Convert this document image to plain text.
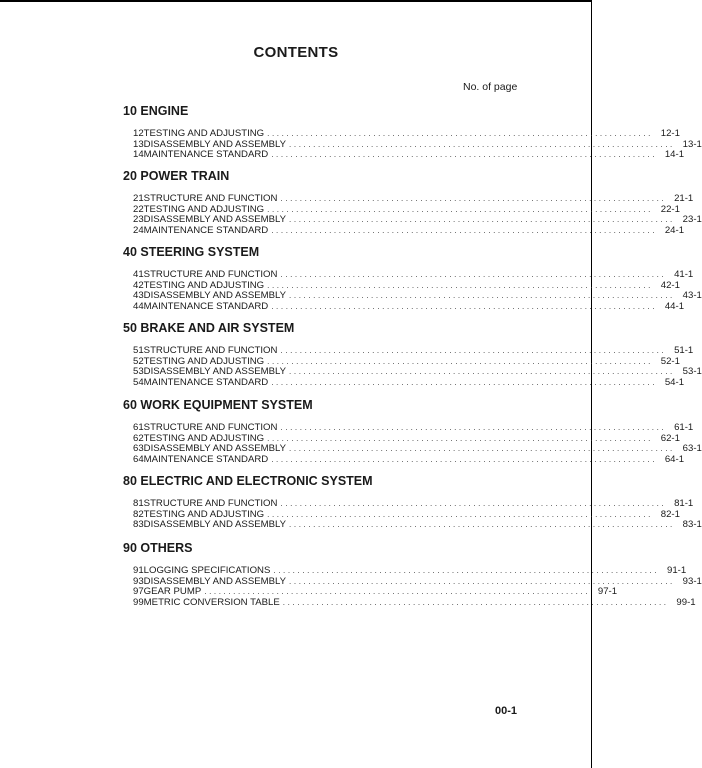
CONTENTS
No. of page
10 ENGINE
12 TESTING AND ADJUSTING ................................................................................ 12-1
13 DISASSEMBLY AND ASSEMBLY ................................................................................ 13-1
14 MAINTENANCE STANDARD ................................................................................ 14-1
20 POWER TRAIN
21 STRUCTURE AND FUNCTION ................................................................................ 21-1
22 TESTING AND ADJUSTING ................................................................................ 22-1
23 DISASSEMBLY AND ASSEMBLY ................................................................................ 23-1
24 MAINTENANCE STANDARD ................................................................................ 24-1
40 STEERING SYSTEM
41 STRUCTURE AND FUNCTION ................................................................................ 41-1
42 TESTING AND ADJUSTING ................................................................................ 42-1
43 DISASSEMBLY AND ASSEMBLY ................................................................................ 43-1
44 MAINTENANCE STANDARD ................................................................................ 44-1
50 BRAKE AND AIR SYSTEM
51 STRUCTURE AND FUNCTION ................................................................................ 51-1
52 TESTING AND ADJUSTING ................................................................................ 52-1
53 DISASSEMBLY AND ASSEMBLY ................................................................................ 53-1
54 MAINTENANCE STANDARD ................................................................................ 54-1
60 WORK EQUIPMENT SYSTEM
61 STRUCTURE AND FUNCTION ................................................................................ 61-1
62 TESTING AND ADJUSTING ................................................................................ 62-1
63 DISASSEMBLY AND ASSEMBLY ................................................................................ 63-1
64 MAINTENANCE STANDARD ................................................................................ 64-1
80 ELECTRIC AND ELECTRONIC SYSTEM
81 STRUCTURE AND FUNCTION ................................................................................ 81-1
82 TESTING AND ADJUSTING ................................................................................ 82-1
83 DISASSEMBLY AND ASSEMBLY ................................................................................ 83-1
90 OTHERS
91 LOGGING SPECIFICATIONS ................................................................................ 91-1
93 DISASSEMBLY AND ASSEMBLY ................................................................................ 93-1
97 GEAR PUMP ................................................................................ 97-1
99 METRIC CONVERSION TABLE ................................................................................ 99-1
00-1
